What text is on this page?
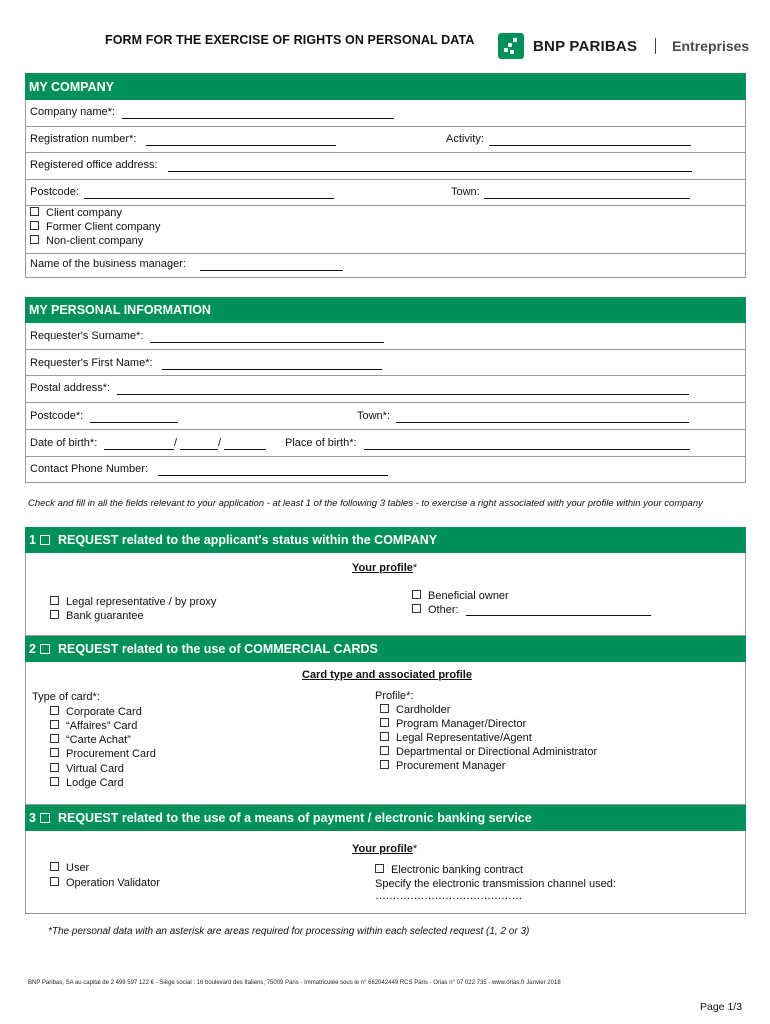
FORM FOR THE EXERCISE OF RIGHTS ON PERSONAL DATA	BNP PARIBAS	Entreprises
MY COMPANY
Company name*:
Registration number*:	Activity:
Registered office address:
Postcode:	Town:
Client company
Former Client company
Non-client company
Name of the business manager:
MY PERSONAL INFORMATION
Requester's Surname*:
Requester's First Name*:
Postal address*:
Postcode*:	Town*:
Date of birth*:	/	/	Place of birth*:
Contact Phone Number:
Check and fill in all the fields relevant to your application - at least 1 of the following 3 tables - to exercise a right associated with your profile within your company
1 REQUEST related to the applicant's status within the COMPANY
Your profile*
Legal representative / by proxy
Bank guarantee
Beneficial owner
Other:
2 REQUEST related to the use of COMMERCIAL CARDS
Card type and associated profile
Type of card*:
Corporate Card
“Affaires” Card
“Carte Achat”
Procurement Card
Virtual Card
Lodge Card
Profile*:
Cardholder
Program Manager/Director
Legal Representative/Agent
Departmental or Directional Administrator
Procurement Manager
3 REQUEST related to the use of a means of payment / electronic banking service
Your profile*
User
Operation Validator
Electronic banking contract
Specify the electronic transmission channel used:
……………………………………
*The personal data with an asterisk are areas required for processing within each selected request (1, 2 or 3)
BNP Paribas, SA au capital de 2 499 597 122 € - Siège social : 16 boulevard des Italiens, 75009 Paris - Immatriculée sous le n° 662042449 RCS Paris - Orias n° 07 022 735 - www.orias.fr Janvier 2018
Page 1/3
